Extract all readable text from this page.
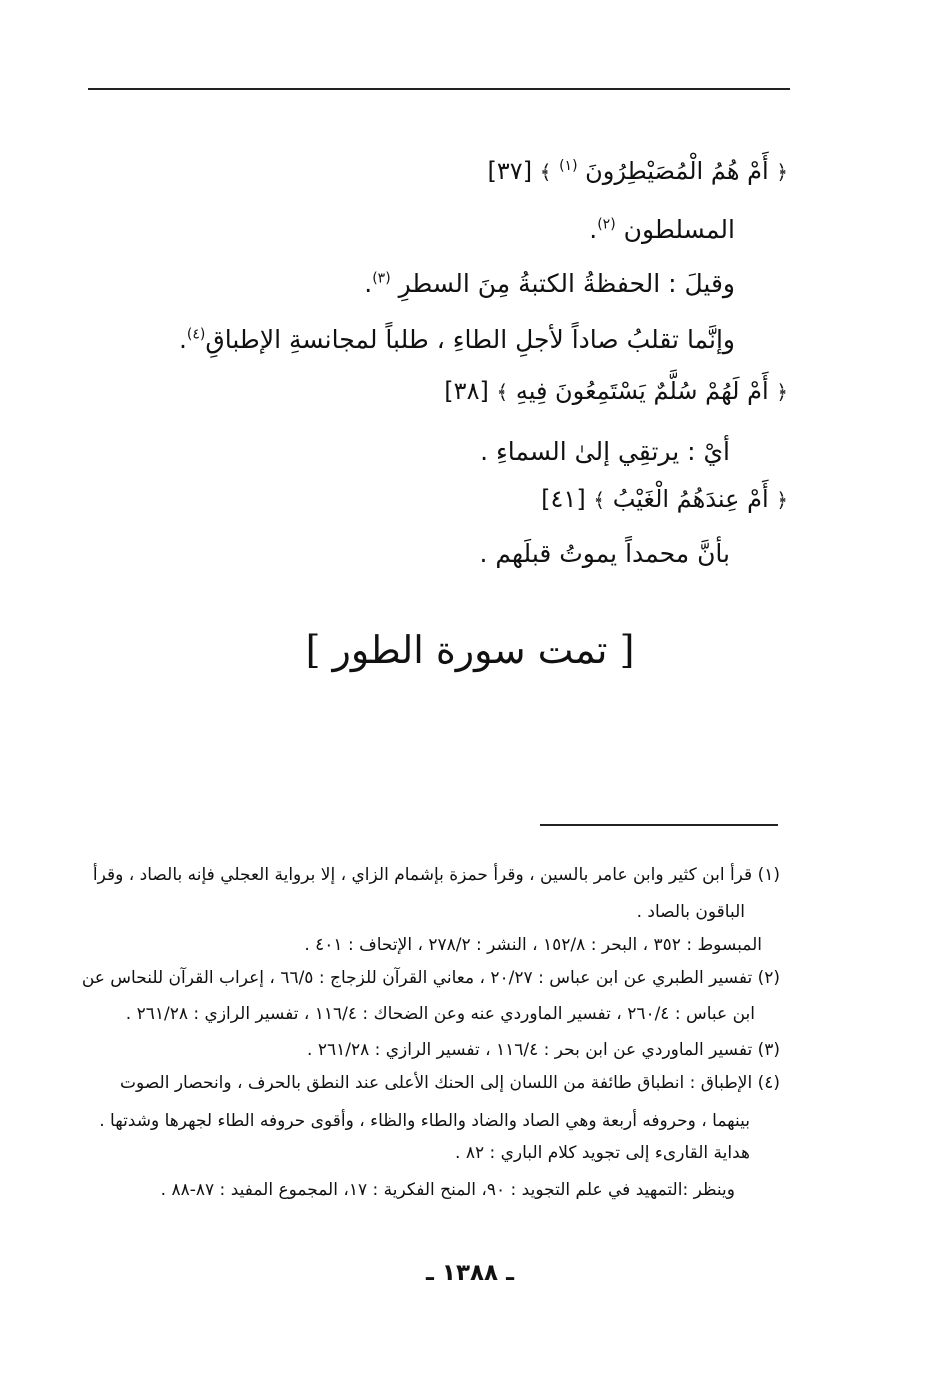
﴿ أَمْ هُمُ الْمُصَيْطِرُونَ $^{(١)}$ ﴾ [٣٧]
المسلطون $^{(٢)}$.
وقيلَ : الحفظةُ الكتبةُ مِنَ السطرِ $^{(٣)}$.
وإنَّما تقلبُ صاداً لأجلِ الطاءِ ، طلباً لمجانسةِ الإطباقِ$^{(٤)}$.
﴿ أَمْ لَهُمْ سُلَّمٌ يَسْتَمِعُونَ فِيهِ ﴾ [٣٨]
أيْ : يرتقِي إلىٰ السماءِ .
﴿ أَمْ عِندَهُمُ الْغَيْبُ ﴾ [٤١]
بأنَّ محمداً يموتُ قبلَهم .
[ تمت سورة الطور ]
(١) قرأ ابن كثير وابن عامر بالسين ، وقرأ حمزة بإشمام الزاي ، إلا برواية العجلي فإنه بالصاد ، وقرأ
الباقون بالصاد .
المبسوط : ٣٥٢ ، البحر : ١٥٢/٨ ، النشر : ٢٧٨/٢ ، الإتحاف : ٤٠١ .
(٢) تفسير الطبري عن ابن عباس : ٢٠/٢٧ ، معاني القرآن للزجاج : ٦٦/٥ ، إعراب القرآن للنحاس عن
ابن عباس : ٢٦٠/٤ ، تفسير الماوردي عنه وعن الضحاك : ١١٦/٤ ، تفسير الرازي : ٢٦١/٢٨ .
(٣) تفسير الماوردي عن ابن بحر : ١١٦/٤ ، تفسير الرازي : ٢٦١/٢٨ .
(٤) الإطباق : انطباق طائفة من اللسان إلى الحنك الأعلى عند النطق بالحرف ، وانحصار الصوت
بينهما ، وحروفه أربعة وهي الصاد والضاد والطاء والظاء ، وأقوى حروفه الطاء لجهرها وشدتها .
هداية القارىء إلى تجويد كلام الباري : ٨٢ .
وينظر :التمهيد في علم التجويد : ٩٠، المنح الفكرية : ١٧، المجموع المفيد : ٨٧-٨٨ .
ـ ١٣٨٨ ـ
